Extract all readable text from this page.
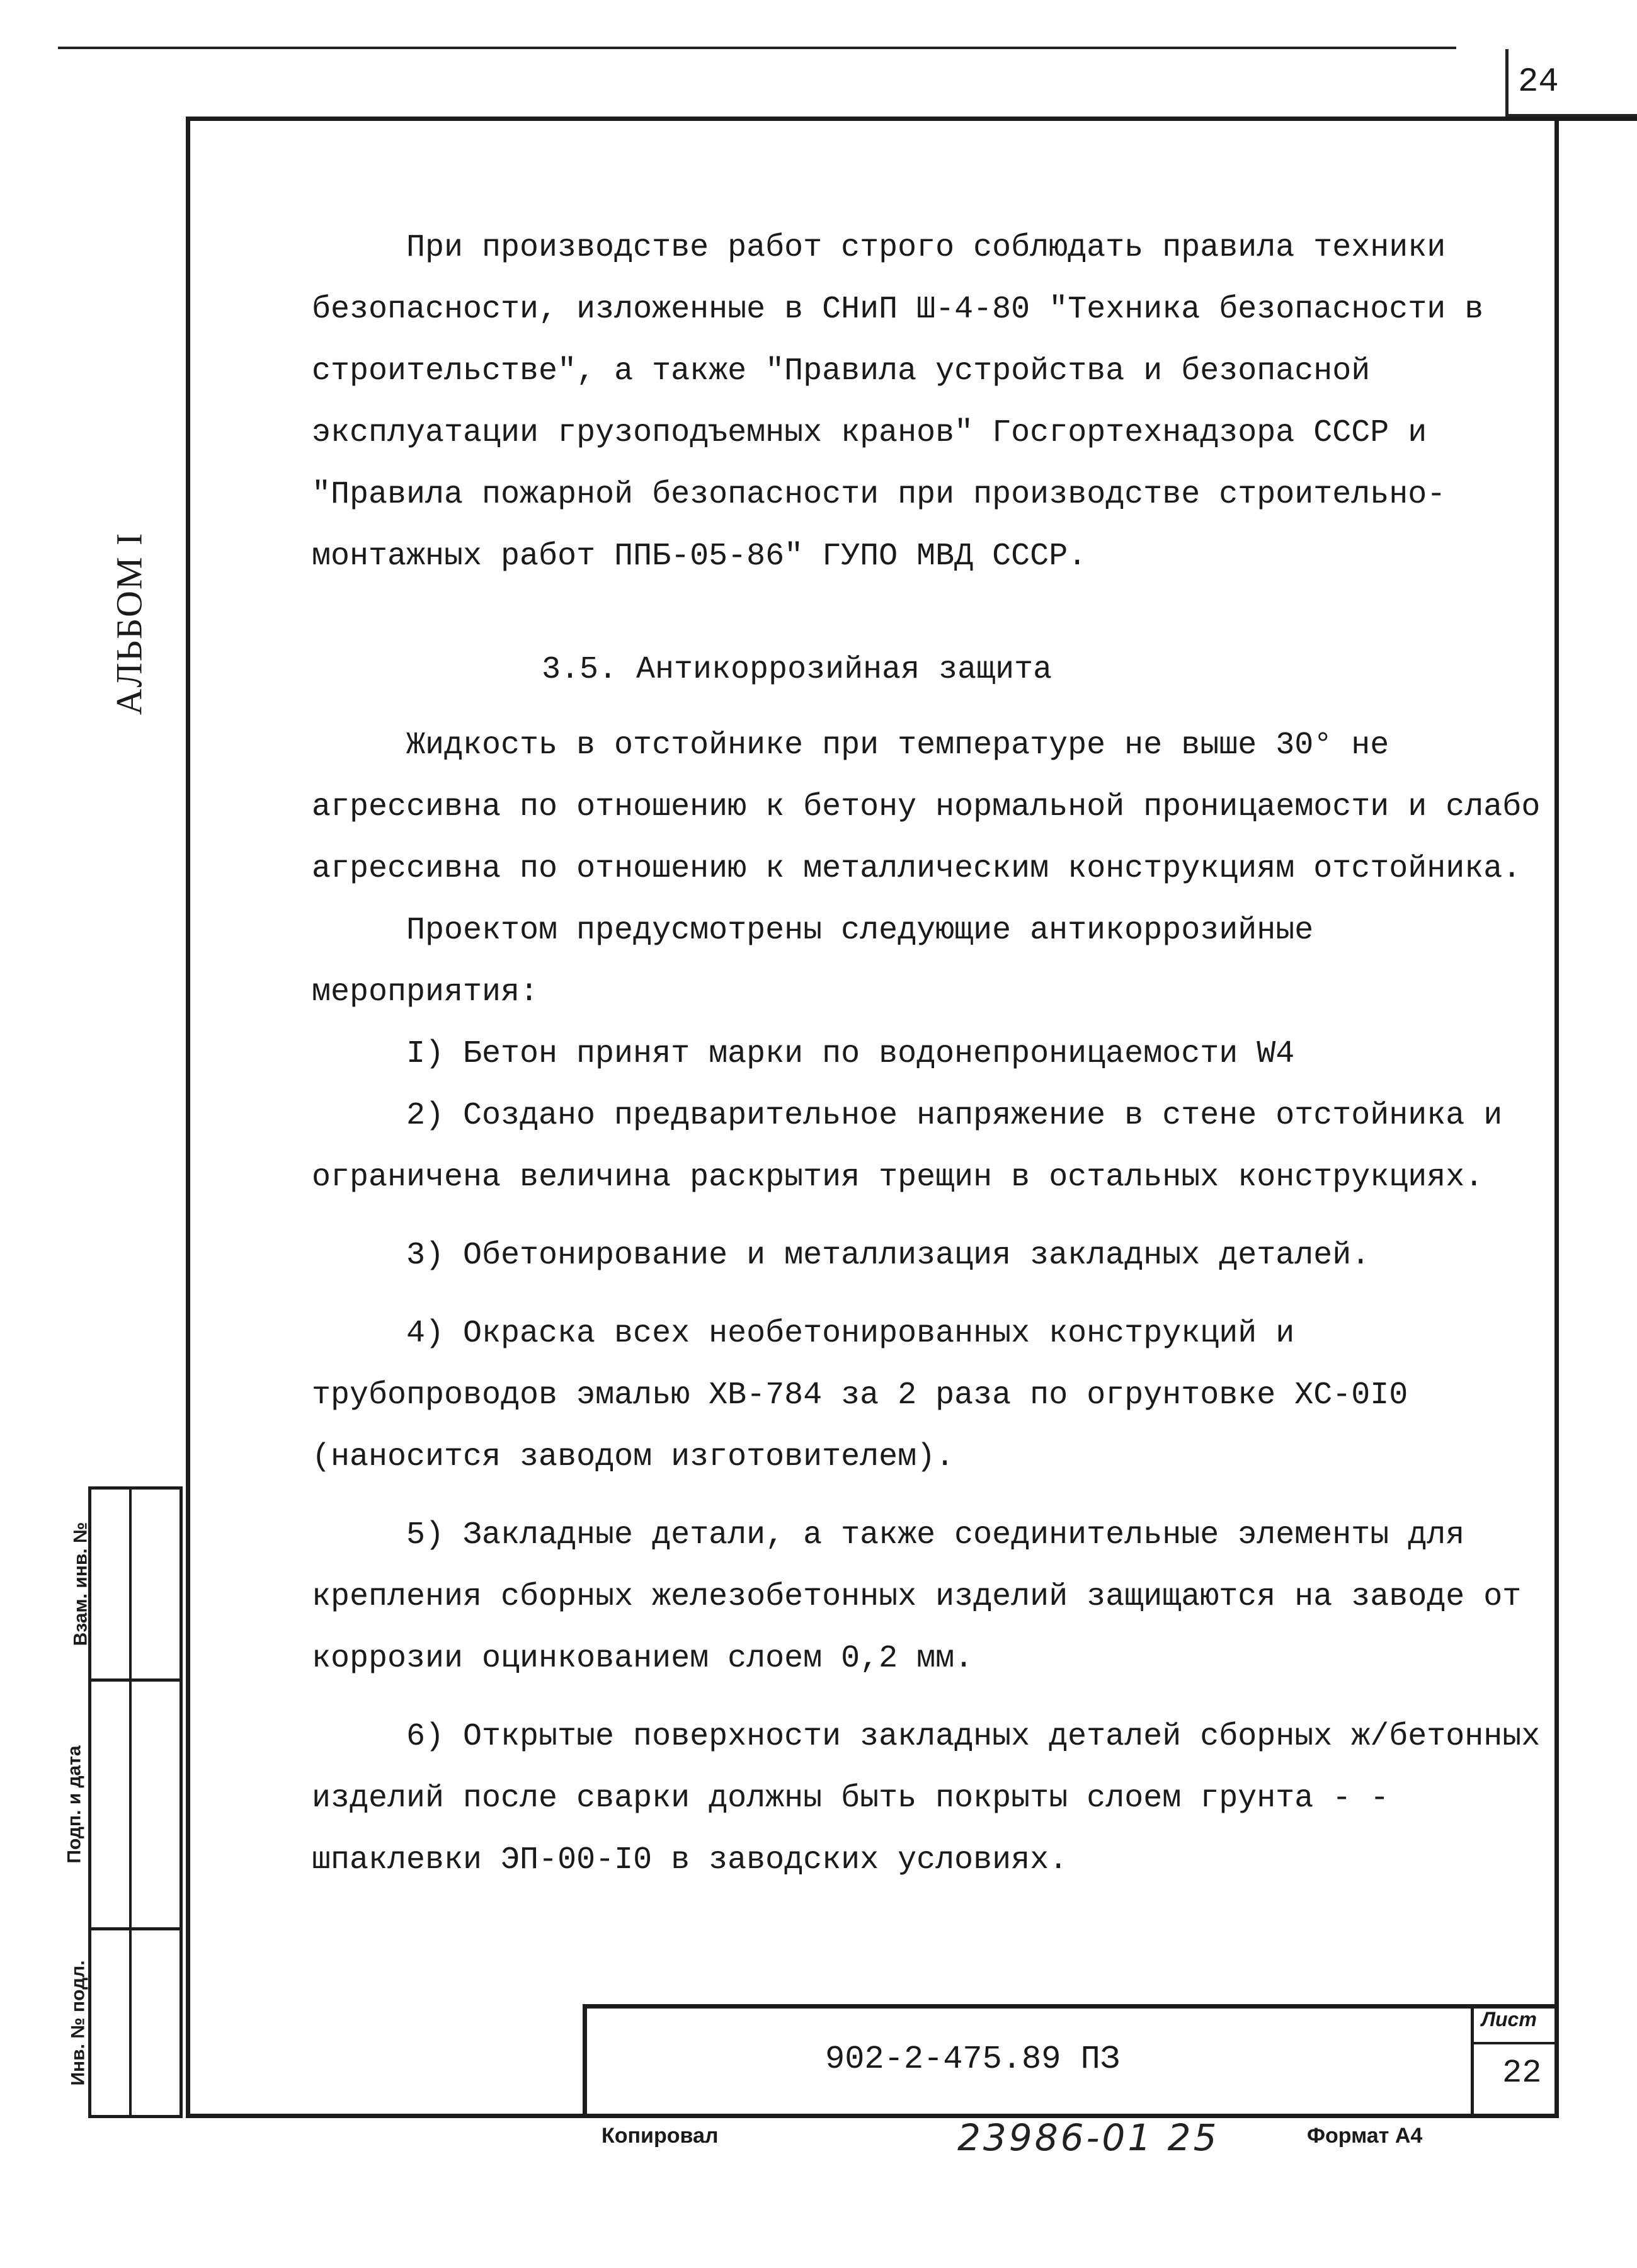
24
АЛЬБОМ I
Взам. инв. №
Подп. и дата
Инв. № подл.

При производстве работ строго соблюдать правила техники безопасности, изложенные в СНиП Ш-4-80 "Техника безопасности в строительстве", а также "Правила устройства и безопасной эксплуатации грузоподъемных кранов" Госгортехнадзора СССР и "Правила пожарной безопасности при производстве строительно-монтажных работ ППБ-05-86" ГУПО МВД СССР.

3.5. Антикоррозийная защита

Жидкость в отстойнике при температуре не выше 30° не агрессивна по отношению к бетону нормальной проницаемости и слабо агрессивна по отношению к металлическим конструкциям отстойника.

Проектом предусмотрены следующие антикоррозийные мероприятия:

I) Бетон принят марки по водонепроницаемости W4

2) Создано предварительное напряжение в стене отстойника и ограничена величина раскрытия трещин в остальных конструкциях.

3) Обетонирование и металлизация закладных деталей.

4) Окраска всех необетонированных конструкций и трубопроводов эмалью ХВ-784 за 2 раза по огрунтовке ХС-0I0 (наносится заводом изготовителем).

5) Закладные детали, а также соединительные элементы для крепления сборных железобетонных изделий защищаются на заводе от коррозии оцинкованием слоем 0,2 мм.

6) Открытые поверхности закладных деталей сборных ж/бетонных изделий после сварки должны быть покрыты слоем грунта - - шпаклевки ЭП-00-I0 в заводских условиях.

902-2-475.89 ПЗ
Лист
22
Копировал	23986-01 25	Формат А4
